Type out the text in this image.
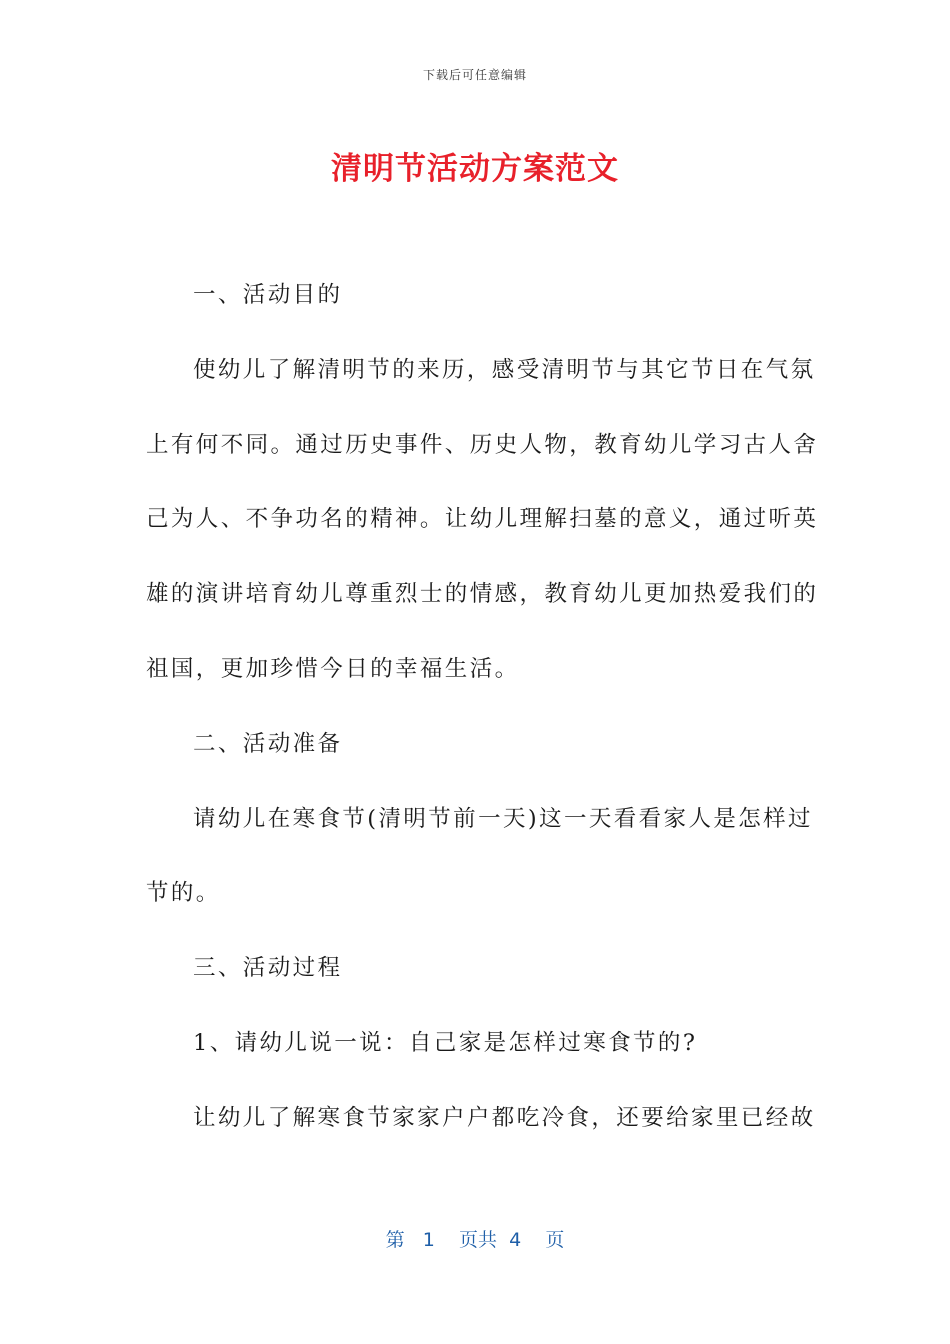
下载后可任意编辑
清明节活动方案范文
一、活动目的
使幼儿了解清明节的来历，感受清明节与其它节日在气氛
上有何不同。通过历史事件、历史人物，教育幼儿学习古人舍
己为人、不争功名的精神。让幼儿理解扫墓的意义，通过听英
雄的演讲培育幼儿尊重烈士的情感，教育幼儿更加热爱我们的
祖国，更加珍惜今日的幸福生活。
二、活动准备
请幼儿在寒食节(清明节前一天)这一天看看家人是怎样过
节的。
三、活动过程
1、请幼儿说一说：自己家是怎样过寒食节的?
让幼儿了解寒食节家家户户都吃冷食，还要给家里已经故
第 1 页共 4 页
